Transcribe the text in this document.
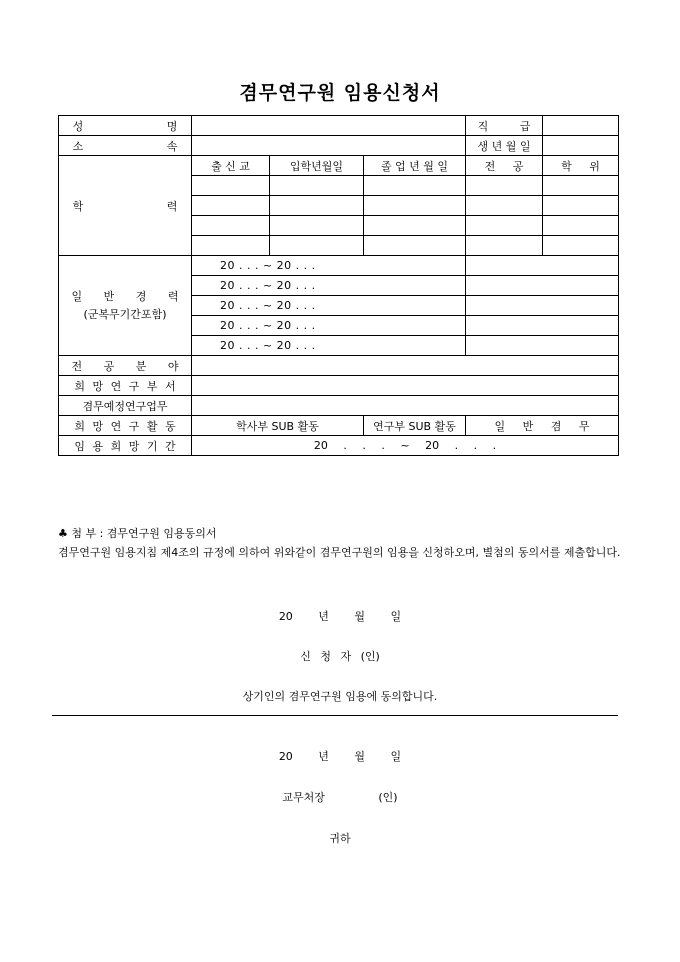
겸무연구원 임용신청서
성 명				직 급	
소 속				생 년 월 일	
학 력	출 신 교	입학년월일	졸 업 년 월 일	전 공	학 위

일 반 경 력
(군복무기간포함)	20 . . . ~ 20 . . .				
	20 . . . ~ 20 . . .				
	20 . . . ~ 20 . . .				
	20 . . . ~ 20 . . .				
	20 . . . ~ 20 . . .				
전 공 분 야					
희 망 연 구 부 서					
겸무예정연구업무					
희 망 연 구 활 동	학사부 SUB 활동		연구부 SUB 활동	일 반 겸 무	
임 용 희 망 기 간	20 . . . ~ 20 . . .				
♣ 첨 부 : 겸무연구원 임용동의서
겸무연구원 임용지침 제4조의 규정에 의하여 위와같이 겸무연구원의 임용을 신청하오며, 별첨의 동의서를 제출합니다.
20 년 월 일
신 청 자 (인)
상기인의 겸무연구원 임용에 동의합니다.
20 년 월 일
교무처장 (인)
귀하
